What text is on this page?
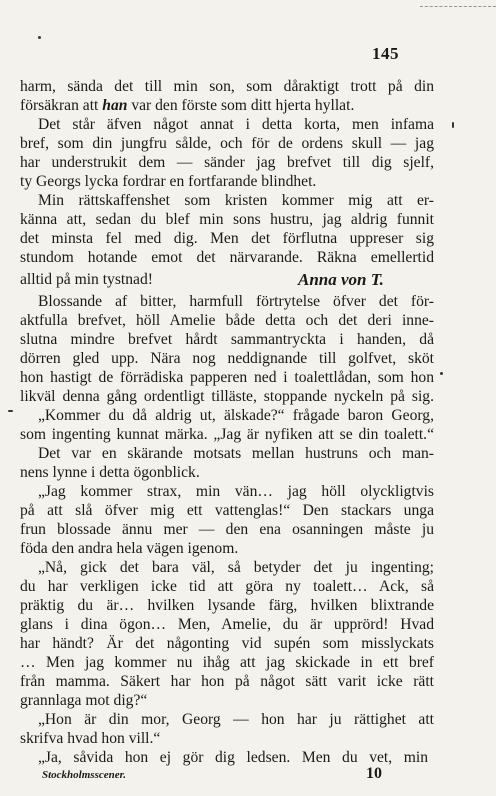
145
harm, sända det till min son, som dåraktigt trott på din
försäkran att han var den förste som ditt hjerta hyllat.
Det står äfven något annat i detta korta, men infama
bref, som din jungfru sålde, och för de ordens skull — jag
har understrukit dem — sänder jag brefvet till dig sjelf,
ty Georgs lycka fordrar en fortfarande blindhet.
Min rättskaffenshet som kristen kommer mig att er-
känna att, sedan du blef min sons hustru, jag aldrig funnit
det minsta fel med dig. Men det förflutna uppreser sig
stundom hotande emot det närvarande. Räkna emellertid
alltid på min tystnad!	Anna von T.
Blossande af bitter, harmfull förtrytelse öfver det för-
aktfulla brefvet, höll Amelie både detta och det deri inne-
slutna mindre brefvet hårdt sammantryckta i handen, då
dörren gled upp. Nära nog neddignande till golfvet, sköt
hon hastigt de förrädiska papperen ned i toalettlådan, som hon
likväl denna gång ordentligt tilläste, stoppande nyckeln på sig.
„Kommer du då aldrig ut, älskade?“ frågade baron Georg,
som ingenting kunnat märka. „Jag är nyfiken att se din toalett.“
Det var en skärande motsats mellan hustruns och man-
nens lynne i detta ögonblick.
„Jag kommer strax, min vän… jag höll olyckligtvis
på att slå öfver mig ett vattenglas!“ Den stackars unga
frun blossade ännu mer — den ena osanningen måste ju
föda den andra hela vägen igenom.
„Nå, gick det bara väl, så betyder det ju ingenting;
du har verkligen icke tid att göra ny toalett… Ack, så
präktig du är… hvilken lysande färg, hvilken blixtrande
glans i dina ögon… Men, Amelie, du är upprörd! Hvad
har händt? Är det någonting vid supén som misslyckats
… Men jag kommer nu ihåg att jag skickade in ett bref
från mamma. Säkert har hon på något sätt varit icke rätt
grannlaga mot dig?“
„Hon är din mor, Georg — hon har ju rättighet att
skrifva hvad hon vill.“
„Ja, såvida hon ej gör dig ledsen. Men du vet, min
Stockholmsscener.	10
